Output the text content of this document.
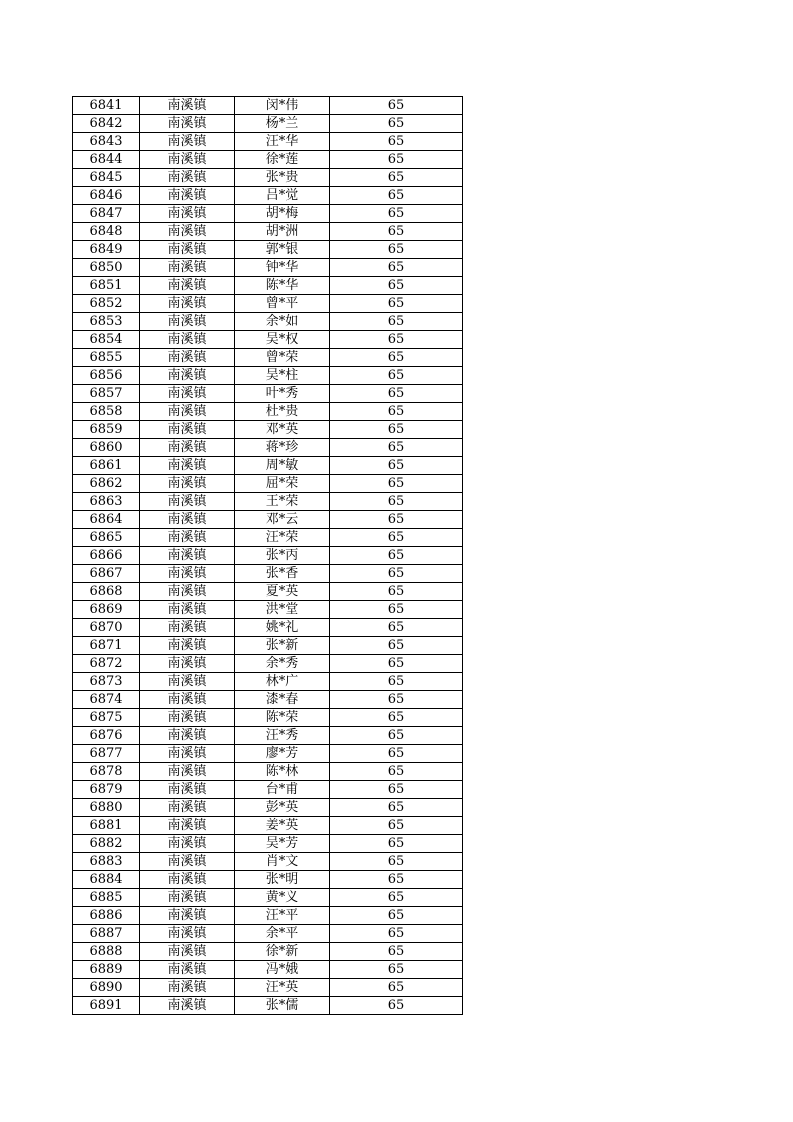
6841	南溪镇	闵*伟	65
6842	南溪镇	杨*兰	65
6843	南溪镇	汪*华	65
6844	南溪镇	徐*莲	65
6845	南溪镇	张*贵	65
6846	南溪镇	吕*觉	65
6847	南溪镇	胡*梅	65
6848	南溪镇	胡*洲	65
6849	南溪镇	郭*银	65
6850	南溪镇	钟*华	65
6851	南溪镇	陈*华	65
6852	南溪镇	曾*平	65
6853	南溪镇	余*如	65
6854	南溪镇	吴*权	65
6855	南溪镇	曾*荣	65
6856	南溪镇	吴*柱	65
6857	南溪镇	叶*秀	65
6858	南溪镇	杜*贵	65
6859	南溪镇	邓*英	65
6860	南溪镇	蒋*珍	65
6861	南溪镇	周*敏	65
6862	南溪镇	屈*荣	65
6863	南溪镇	王*荣	65
6864	南溪镇	邓*云	65
6865	南溪镇	汪*荣	65
6866	南溪镇	张*丙	65
6867	南溪镇	张*香	65
6868	南溪镇	夏*英	65
6869	南溪镇	洪*堂	65
6870	南溪镇	姚*礼	65
6871	南溪镇	张*新	65
6872	南溪镇	余*秀	65
6873	南溪镇	林*广	65
6874	南溪镇	漆*春	65
6875	南溪镇	陈*荣	65
6876	南溪镇	汪*秀	65
6877	南溪镇	廖*芳	65
6878	南溪镇	陈*林	65
6879	南溪镇	台*甫	65
6880	南溪镇	彭*英	65
6881	南溪镇	姜*英	65
6882	南溪镇	吴*芳	65
6883	南溪镇	肖*文	65
6884	南溪镇	张*明	65
6885	南溪镇	黄*义	65
6886	南溪镇	汪*平	65
6887	南溪镇	余*平	65
6888	南溪镇	徐*新	65
6889	南溪镇	冯*娥	65
6890	南溪镇	汪*英	65
6891	南溪镇	张*儒	65
